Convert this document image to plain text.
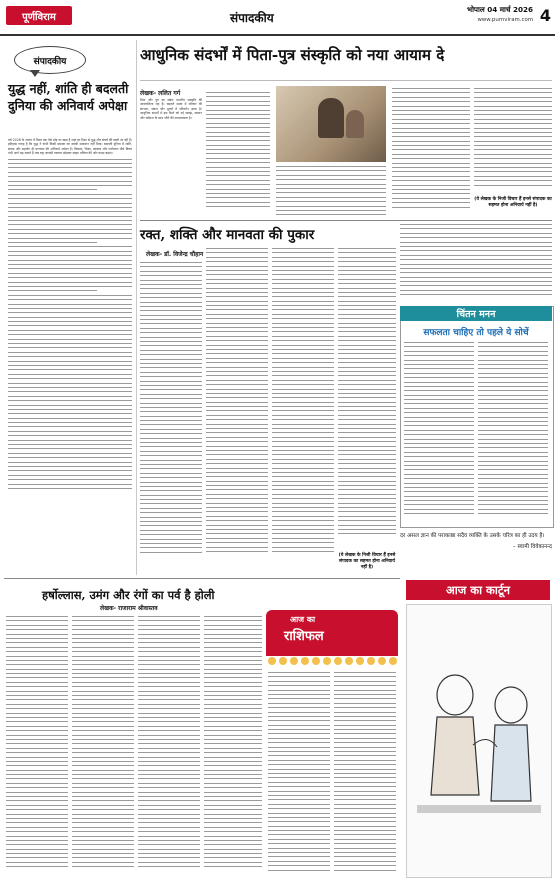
पूर्णविराम	संपादकीय
भोपाल 04 मार्च 2026
www.purnviram.com 4
संपादकीय
युद्ध नहीं, शांति ही बदलती दुनिया की अनिवार्य अपेक्षा
वर्ष 2026 के आरंभ में विश्व एक ऐसे मोड़ पर खड़ा है जहां हर दिशा से युद्ध और संघर्ष की खबरें आ रही हैं। इतिहास गवाह है कि युद्ध ने कभी किसी समस्या का स्थायी समाधान नहीं दिया। बदलती दुनिया में शांति, संवाद और सहयोग ही मानवता की अनिवार्य अपेक्षा है। विकास, शिक्षा, स्वास्थ्य और पर्यावरण जैसे विषय तभी आगे बढ़ सकते हैं जब राष्ट्र आपसी टकराव छोड़कर साझा भविष्य की ओर कदम बढ़ाएं।
आधुनिक संदर्भों में पिता-पुत्र संस्कृति को नया आयाम दे
लेखक- ललित गर्ग
पिता और पुत्र का संबंध भारतीय संस्कृति की आधारशिला रहा है। बदलते समय में परिवार की संरचना, संवाद और मूल्यों में परिवर्तन आया है। आधुनिक संदर्भों में इस रिश्ते को नई समझ, सम्मान और संवेदना के साथ जीने की आवश्यकता है।
(ये लेखक के निजी विचार हैं इनसे संपादक का सहमत होना अनिवार्य नहीं है)
रक्त, शक्ति और मानवता की पुकार
लेखक- डॉ. विजेन्द्र चौहान
(ये लेखक के निजी विचार हैं इनसे संपादक का सहमत होना अनिवार्य नहीं है)
चिंतन मनन
सफलता चाहिए तो पहले ये सोचें
दर असल ज्ञान की पराकाष्ठा सदैव व्यक्ति के उसके चरित्र का ही उदय है।
– स्वामी विवेकानन्द
हर्षोल्लास, उमंग और रंगों का पर्व है होली
लेखक- राजाराम श्रीवास्तव
आज का
राशिफल
आज का कार्टून
